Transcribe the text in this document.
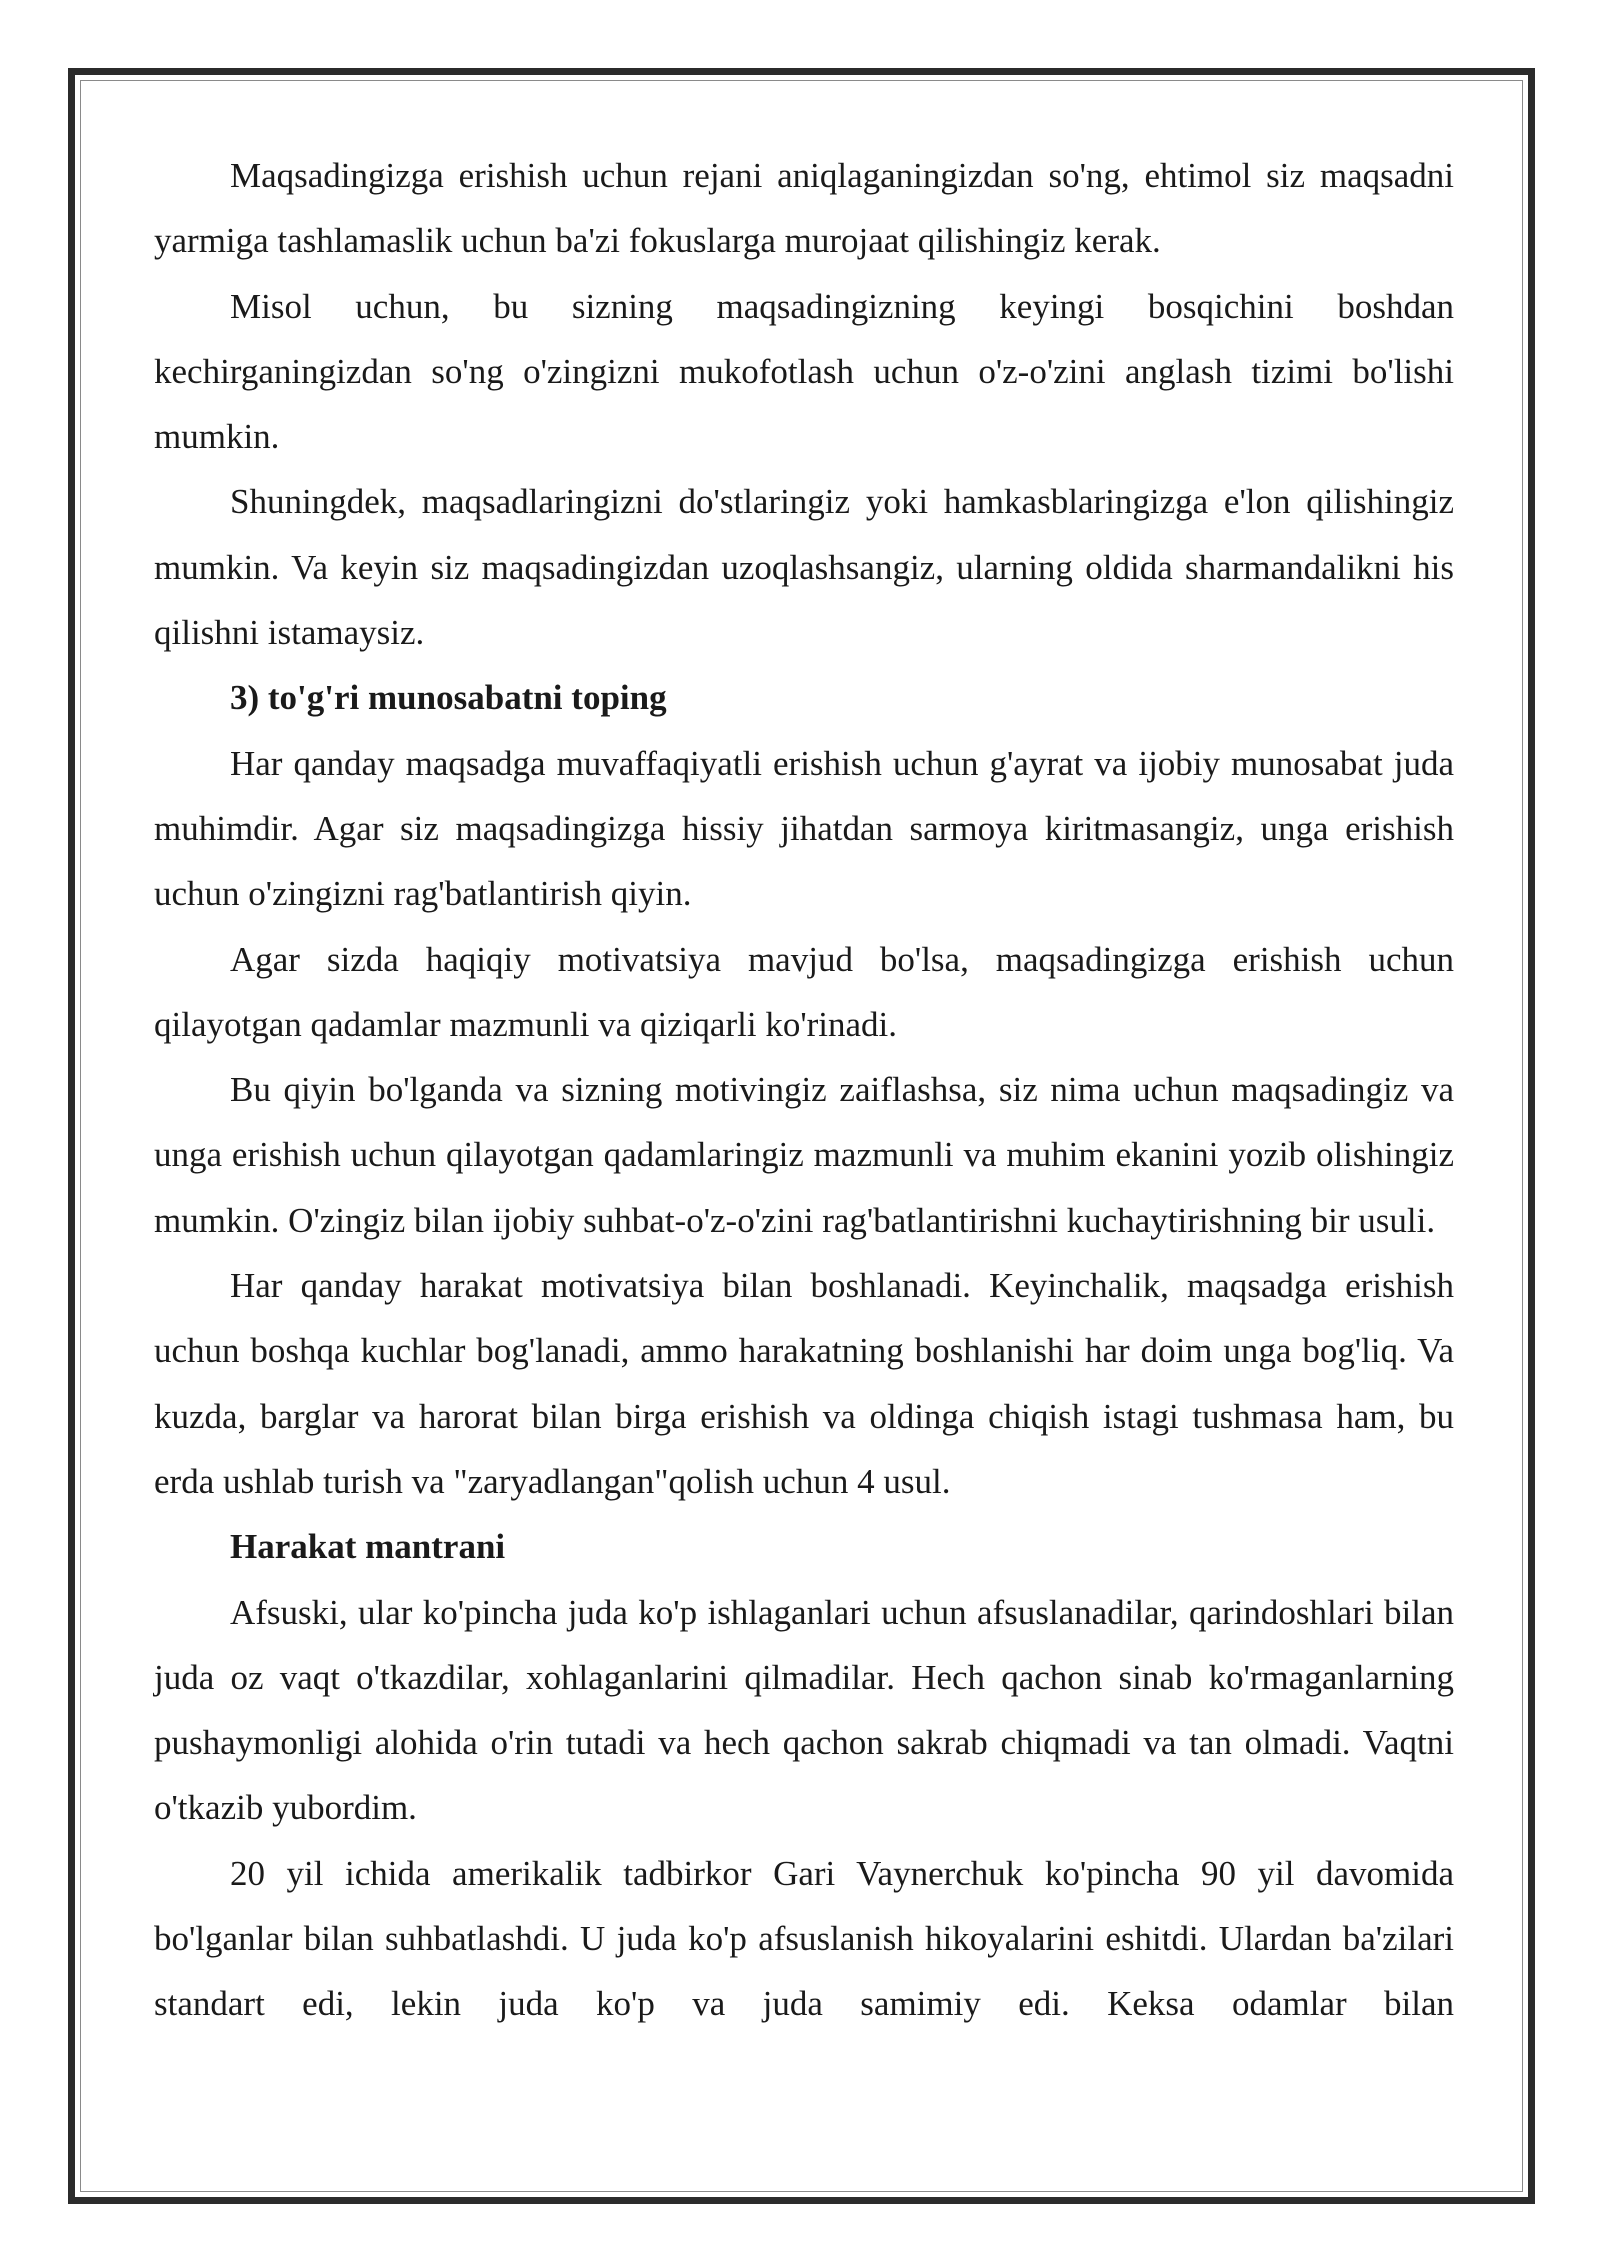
Maqsadingizga erishish uchun rejani aniqlaganingizdan so'ng, ehtimol siz maqsadni yarmiga tashlamaslik uchun ba'zi fokuslarga murojaat qilishingiz kerak.

Misol uchun, bu sizning maqsadingizning keyingi bosqichini boshdan kechirganingizdan so'ng o'zingizni mukofotlash uchun o'z-o'zini anglash tizimi bo'lishi mumkin.

Shuningdek, maqsadlaringizni do'stlaringiz yoki hamkasblaringizga e'lon qilishingiz mumkin. Va keyin siz maqsadingizdan uzoqlashsangiz, ularning oldida sharmandalikni his qilishni istamaysiz.

3) to'g'ri munosabatni toping

Har qanday maqsadga muvaffaqiyatli erishish uchun g'ayrat va ijobiy munosabat juda muhimdir. Agar siz maqsadingizga hissiy jihatdan sarmoya kiritmasangiz, unga erishish uchun o'zingizni rag'batlantirish qiyin.

Agar sizda haqiqiy motivatsiya mavjud bo'lsa, maqsadingizga erishish uchun qilayotgan qadamlar mazmunli va qiziqarli ko'rinadi.

Bu qiyin bo'lganda va sizning motivingiz zaiflashsa, siz nima uchun maqsadingiz va unga erishish uchun qilayotgan qadamlaringiz mazmunli va muhim ekanini yozib olishingiz mumkin. O'zingiz bilan ijobiy suhbat-o'z-o'zini rag'batlantirishni kuchaytirishning bir usuli.

Har qanday harakat motivatsiya bilan boshlanadi. Keyinchalik, maqsadga erishish uchun boshqa kuchlar bog'lanadi, ammo harakatning boshlanishi har doim unga bog'liq. Va kuzda, barglar va harorat bilan birga erishish va oldinga chiqish istagi tushmasa ham, bu erda ushlab turish va "zaryadlangan"qolish uchun 4 usul.

Harakat mantrani

Afsuski, ular ko'pincha juda ko'p ishlaganlari uchun afsuslanadilar, qarindoshlari bilan juda oz vaqt o'tkazdilar, xohlaganlarini qilmadilar. Hech qachon sinab ko'rmaganlarning pushaymonligi alohida o'rin tutadi va hech qachon sakrab chiqmadi va tan olmadi. Vaqtni o'tkazib yubordim.

20 yil ichida amerikalik tadbirkor Gari Vaynerchuk ko'pincha 90 yil davomida bo'lganlar bilan suhbatlashdi. U juda ko'p afsuslanish hikoyalarini eshitdi. Ulardan ba'zilari standart edi, lekin juda ko'p va juda samimiy edi. Keksa odamlar bilan
